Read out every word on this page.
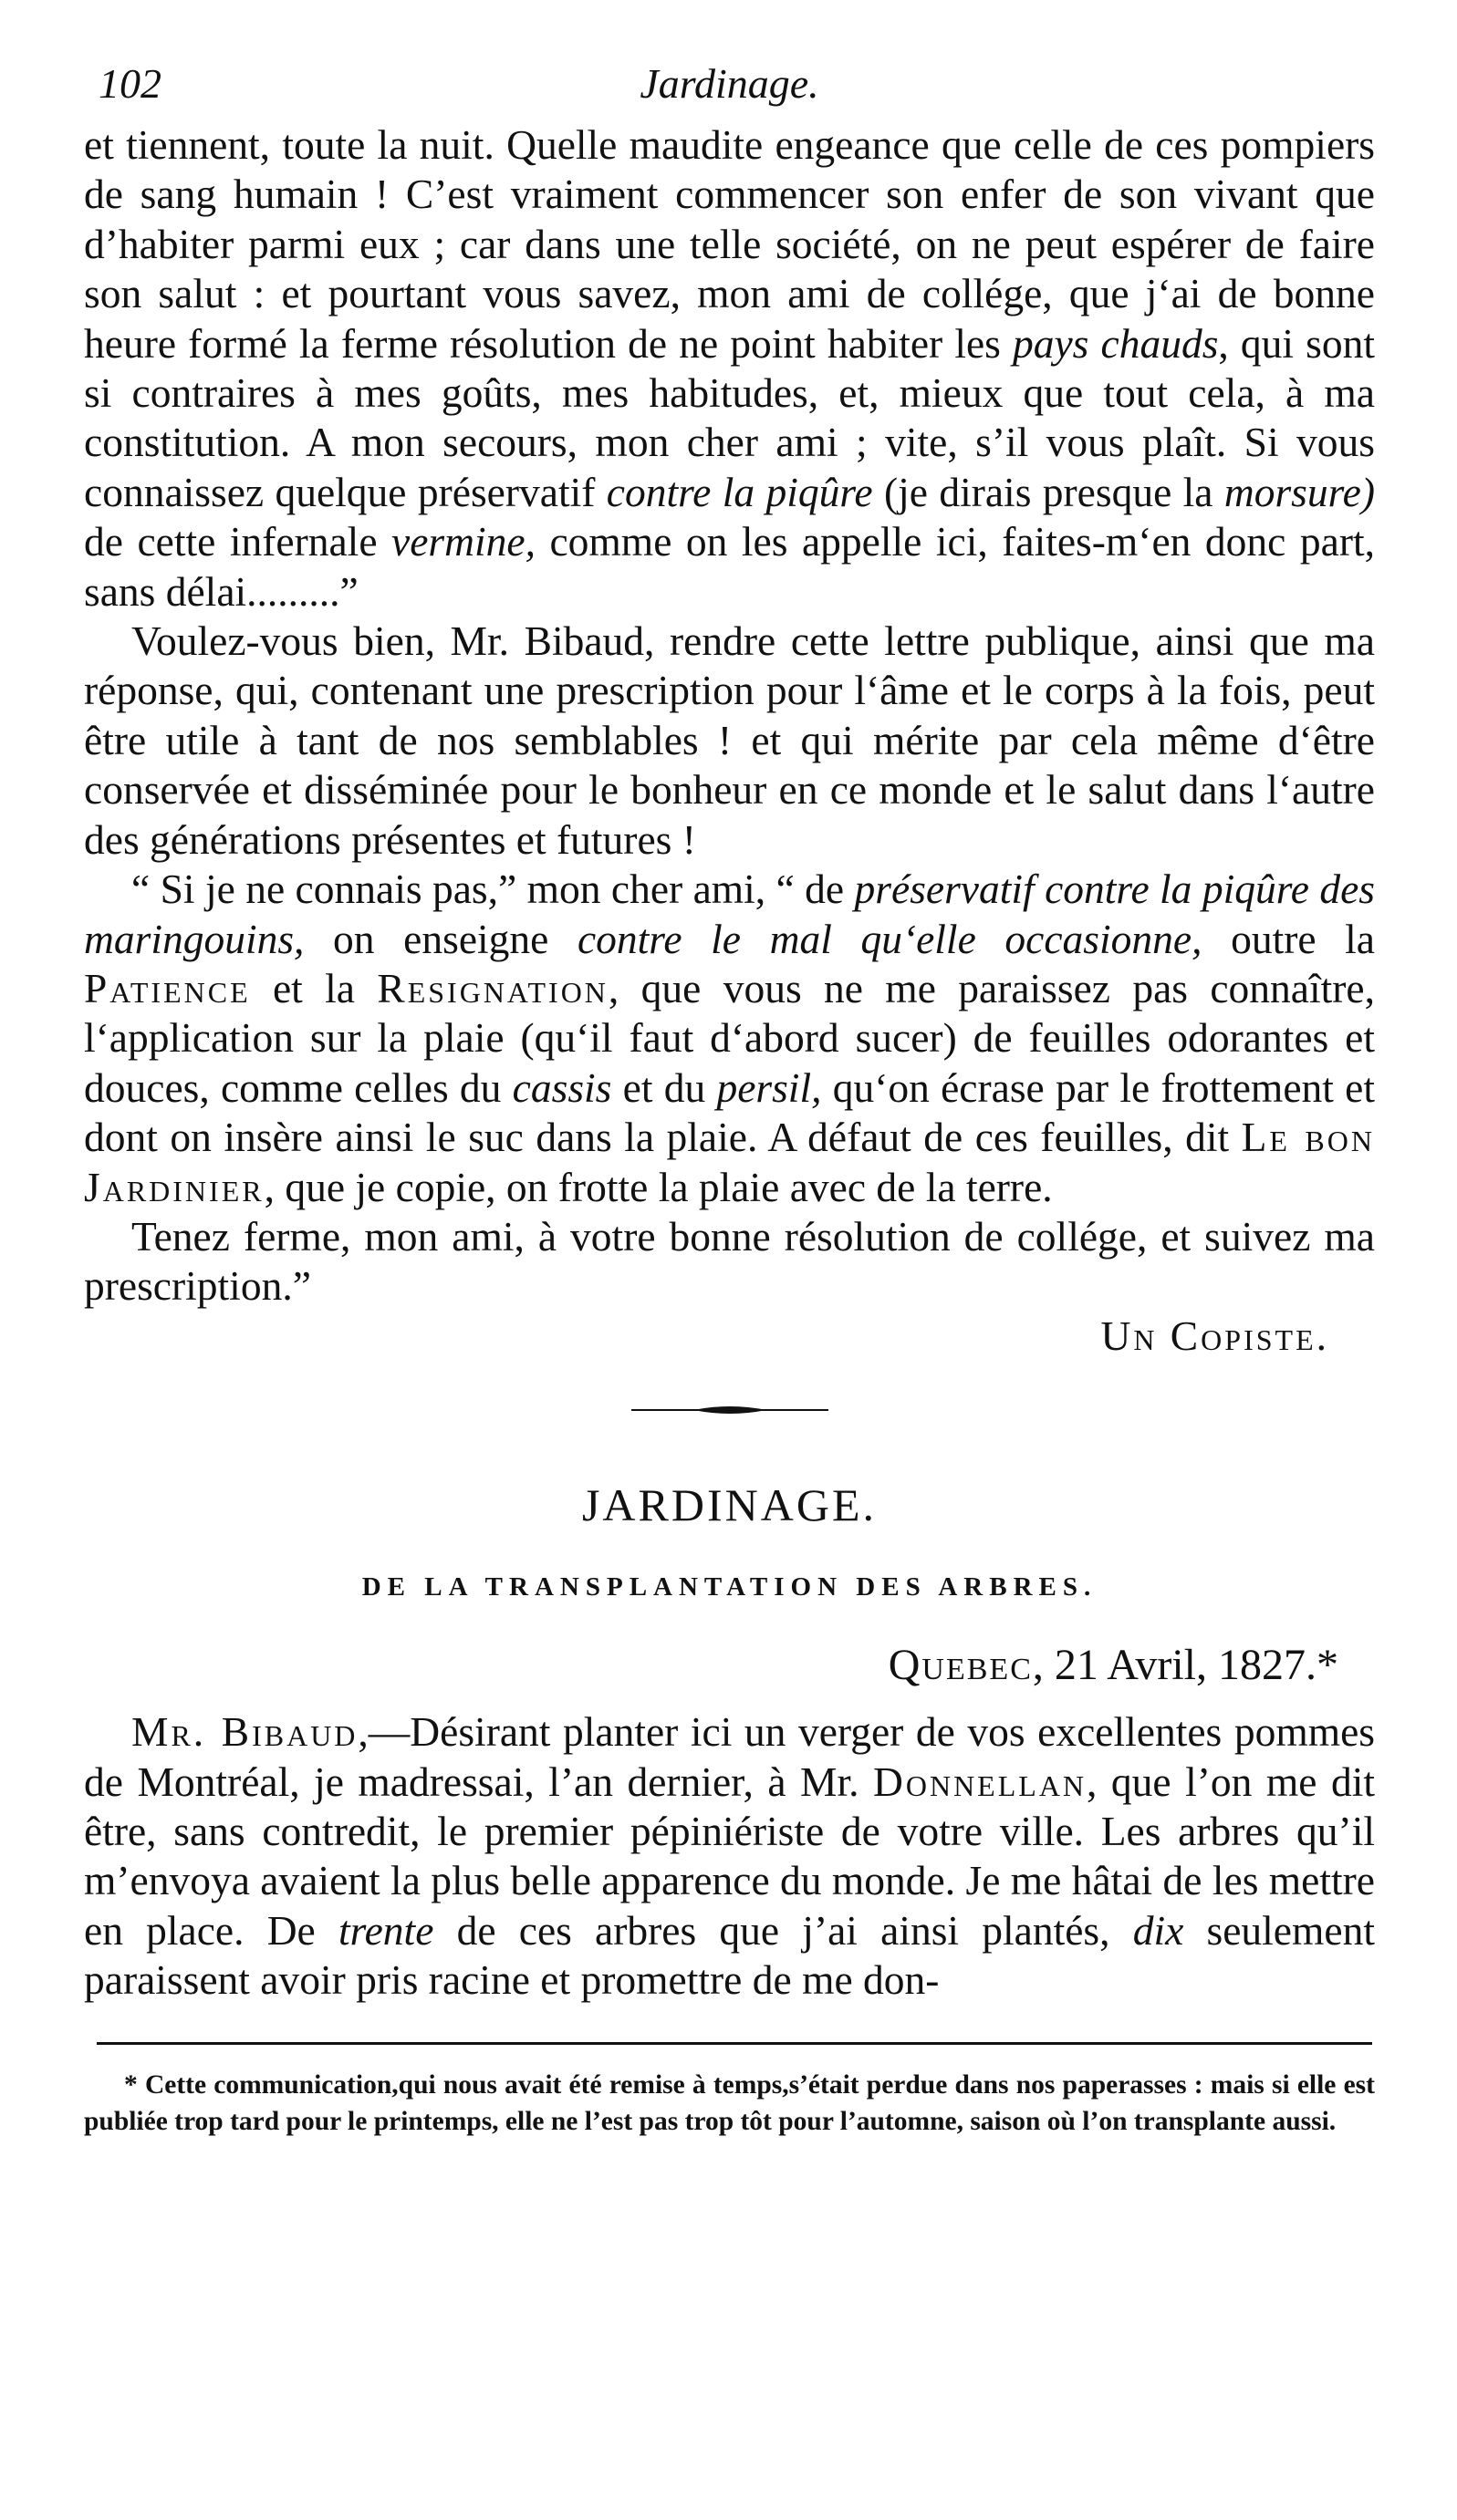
102	Jardinage.

et tiennent, toute la nuit. Quelle maudite engeance que celle de ces pompiers de sang humain ! C’est vraiment commencer son enfer de son vivant que d’habiter parmi eux ; car dans une telle société, on ne peut espérer de faire son salut : et pourtant vous savez, mon ami de collége, que j‘ai de bonne heure formé la ferme résolution de ne point habiter les pays chauds, qui sont si contraires à mes goûts, mes habitudes, et, mieux que tout cela, à ma constitution. A mon secours, mon cher ami ; vite, s’il vous plaît. Si vous connaissez quelque préservatif contre la piqûre (je dirais presque la morsure) de cette infernale vermine, comme on les appelle ici, faites-m‘en donc part, sans délai.........”

Voulez-vous bien, Mr. Bibaud, rendre cette lettre publique, ainsi que ma réponse, qui, contenant une prescription pour l‘âme et le corps à la fois, peut être utile à tant de nos semblables ! et qui mérite par cela même d‘être conservée et disséminée pour le bonheur en ce monde et le salut dans l‘autre des générations présentes et futures !

“ Si je ne connais pas,” mon cher ami, “ de préservatif contre la piqûre des maringouins, on enseigne contre le mal qu‘elle occasionne, outre la Patience et la Resignation, que vous ne me paraissez pas connaître, l‘application sur la plaie (qu‘il faut d‘abord sucer) de feuilles odorantes et douces, comme celles du cassis et du persil, qu‘on écrase par le frottement et dont on insère ainsi le suc dans la plaie. A défaut de ces feuilles, dit Le bon Jardinier, que je copie, on frotte la plaie avec de la terre.

Tenez ferme, mon ami, à votre bonne résolution de collége, et suivez ma prescription.”

Un Copiste.
JARDINAGE.
DE LA TRANSPLANTATION DES ARBRES.
Quebec, 21 Avril, 1827.*

Mr. Bibaud,—Désirant planter ici un verger de vos excellentes pommes de Montréal, je madressai, l’an dernier, à Mr. Donnellan, que l’on me dit être, sans contredit, le premier pépiniériste de votre ville. Les arbres qu’il m’envoya avaient la plus belle apparence du monde. Je me hâtai de les mettre en place. De trente de ces arbres que j’ai ainsi plantés, dix seulement paraissent avoir pris racine et promettre de me don-

* Cette communication,qui nous avait été remise à temps,s’était perdue dans nos paperasses : mais si elle est publiée trop tard pour le printemps, elle ne l’est pas trop tôt pour l’automne, saison où l’on transplante aussi.
